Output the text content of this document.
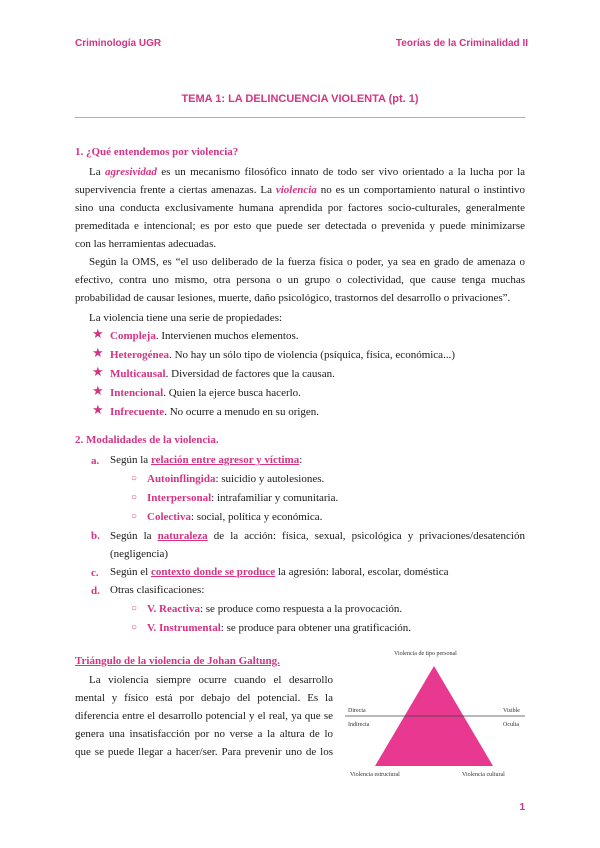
Criminología UGR	Teorías de la Criminalidad II
TEMA 1: LA DELINCUENCIA VIOLENTA (pt. 1)

1. ¿Qué entendemos por violencia?

La agresividad es un mecanismo filosófico innato de todo ser vivo orientado a la lucha por la

supervivencia frente a ciertas amenazas. La violencia no es un comportamiento natural o instintivo

sino una conducta exclusivamente humana aprendida por factores socio-culturales, generalmente

premeditada e intencional; es por esto que puede ser detectada o prevenida y puede minimizarse

con las herramientas adecuadas.

Según la OMS, es “el uso deliberado de la fuerza física o poder, ya sea en grado de amenaza o

efectivo, contra uno mismo, otra persona o un grupo o colectividad, que cause tenga muchas

probabilidad de causar lesiones, muerte, daño psicológico, trastornos del desarrollo o privaciones”.

La violencia tiene una serie de propiedades:

★ Compleja. Intervienen muchos elementos.
★ Heterogénea. No hay un sólo tipo de violencia (psíquica, física, económica...)
★ Multicausal. Diversidad de factores que la causan.
★ Intencional. Quien la ejerce busca hacerlo.
★ Infrecuente. No ocurre a menudo en su origen.

2. Modalidades de la violencia.

a. Según la relación entre agresor y víctima:
○ Autoinflingida: suicidio y autolesiones.
○ Interpersonal: intrafamiliar y comunitaria.
○ Colectiva: social, política y económica.
b. Según la naturaleza de la acción: física, sexual, psicológica y privaciones/desatención
(negligencia)
c. Según el contexto donde se produce la agresión: laboral, escolar, doméstica
d. Otras clasificaciones:
○ V. Reactiva: se produce como respuesta a la provocación.
○ V. Instrumental: se produce para obtener una gratificación.

Triángulo de la violencia de Johan Galtung.

La violencia siempre ocurre cuando el desarrollo

mental y físico está por debajo del potencial. Es la

diferencia entre el desarrollo potencial y el real, ya que se

genera una insatisfacción por no verse a la altura de lo

que se puede llegar a hacer/ser. Para prevenir uno de los

Violencia de tipo personal
Directa
Indirecta
Visible
Oculta
Violencia estructural	Violencia cultural
1
